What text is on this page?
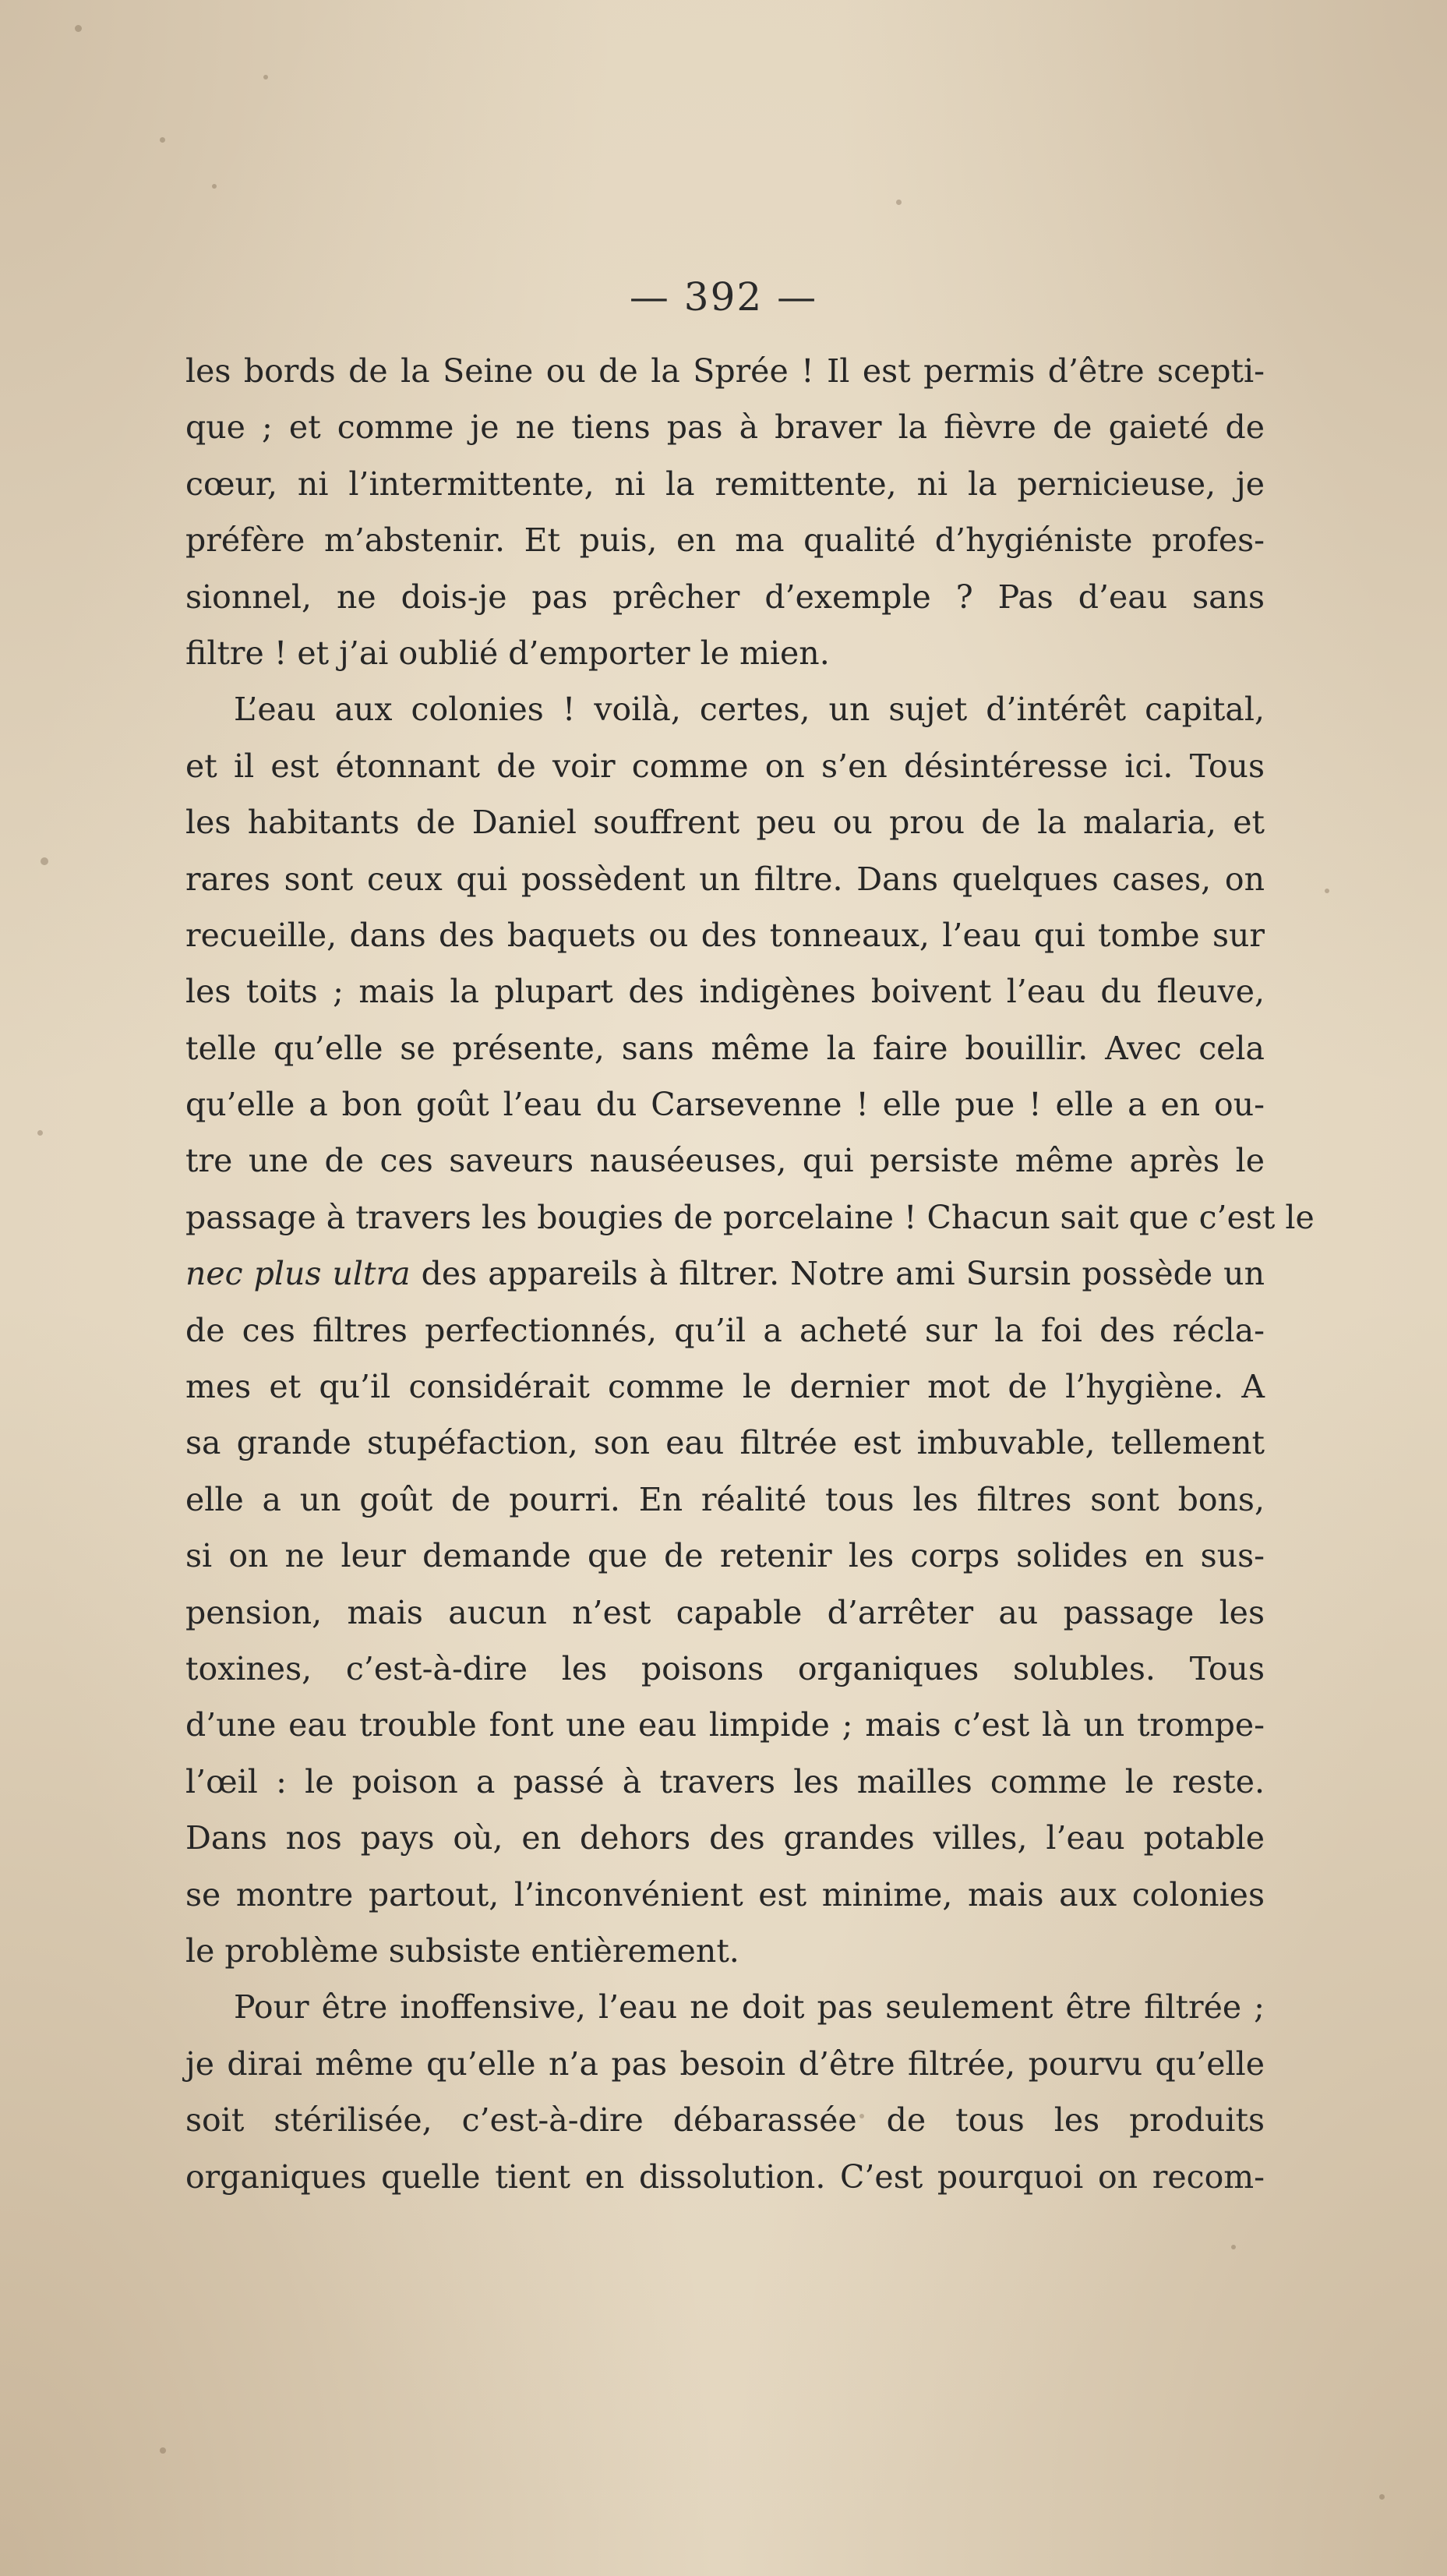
— 392 —
les bords de la Seine ou de la Sprée ! Il est permis d’être scepti-
que ; et comme je ne tiens pas à braver la fièvre de gaieté de
cœur, ni l’intermittente, ni la remittente, ni la pernicieuse, je
préfère m’abstenir. Et puis, en ma qualité d’hygiéniste profes-
sionnel, ne dois-je pas prêcher d’exemple ? Pas d’eau sans
filtre ! et j’ai oublié d’emporter le mien.
L’eau aux colonies ! voilà, certes, un sujet d’intérêt capital,
et il est étonnant de voir comme on s’en désintéresse ici. Tous
les habitants de Daniel souffrent peu ou prou de la malaria, et
rares sont ceux qui possèdent un filtre. Dans quelques cases, on
recueille, dans des baquets ou des tonneaux, l’eau qui tombe sur
les toits ; mais la plupart des indigènes boivent l’eau du fleuve,
telle qu’elle se présente, sans même la faire bouillir. Avec cela
qu’elle a bon goût l’eau du Carsevenne ! elle pue ! elle a en ou-
tre une de ces saveurs nauséeuses, qui persiste même après le
passage à travers les bougies de porcelaine ! Chacun sait que c’est le
nec plus ultra des appareils à filtrer. Notre ami Sursin possède un
de ces filtres perfectionnés, qu’il a acheté sur la foi des récla-
mes et qu’il considérait comme le dernier mot de l’hygiène. A
sa grande stupéfaction, son eau filtrée est imbuvable, tellement
elle a un goût de pourri. En réalité tous les filtres sont bons,
si on ne leur demande que de retenir les corps solides en sus-
pension, mais aucun n’est capable d’arrêter au passage les
toxines, c’est-à-dire les poisons organiques solubles. Tous
d’une eau trouble font une eau limpide ; mais c’est là un trompe-
l’œil : le poison a passé à travers les mailles comme le reste.
Dans nos pays où, en dehors des grandes villes, l’eau potable
se montre partout, l’inconvénient est minime, mais aux colonies
le problème subsiste entièrement.
Pour être inoffensive, l’eau ne doit pas seulement être filtrée ;
je dirai même qu’elle n’a pas besoin d’être filtrée, pourvu qu’elle
soit stérilisée, c’est-à-dire débarassée de tous les produits
organiques quelle tient en dissolution. C’est pourquoi on recom-
